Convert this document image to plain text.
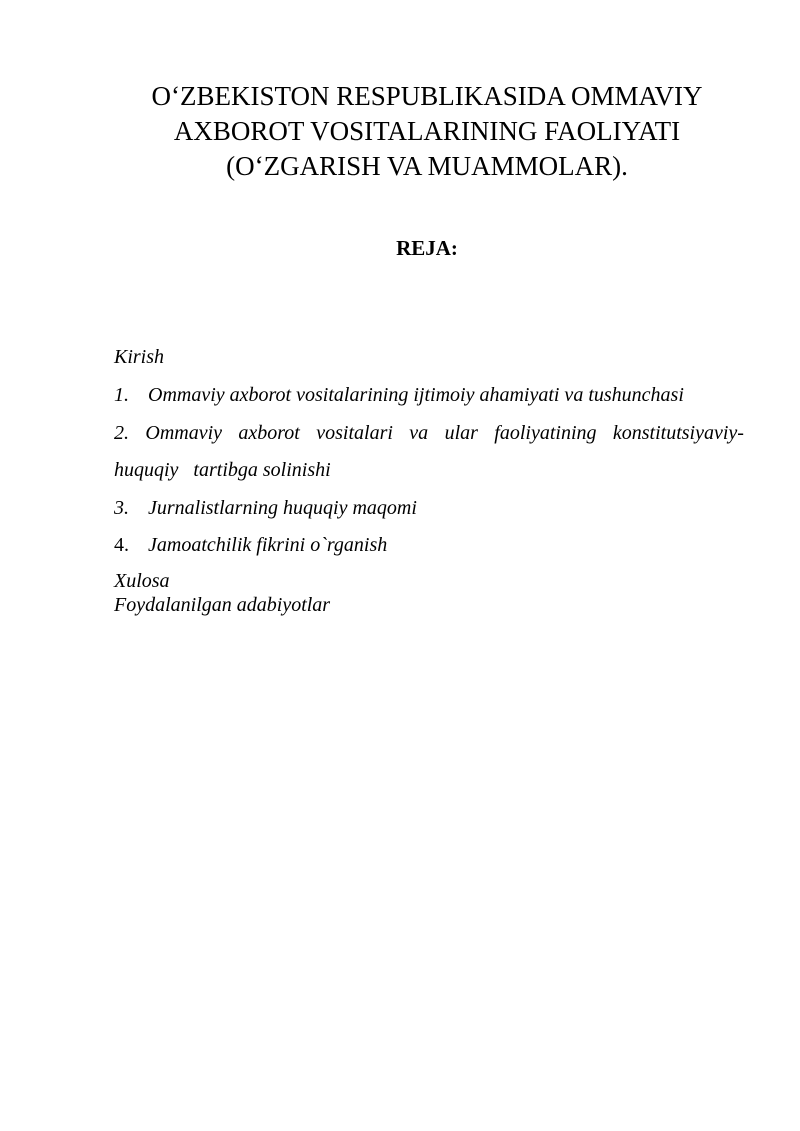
O‘ZBEKISTON RESPUBLIKASIDA OMMAVIY
AXBOROT VOSITALARINING FAOLIYATI
(O‘ZGARISH VA MUAMMOLAR).
REJA:
Kirish
1. Ommaviy axborot vositalarining ijtimoiy ahamiyati va tushunchasi
2. Ommaviy axborot vositalari va ular faoliyatining konstitutsiyaviy-
huquqiy   tartibga solinishi
3. Jurnalistlarning huquqiy maqomi
4. Jamoatchilik fikrini o`rganish
Xulosa
Foydalanilgan adabiyotlar
